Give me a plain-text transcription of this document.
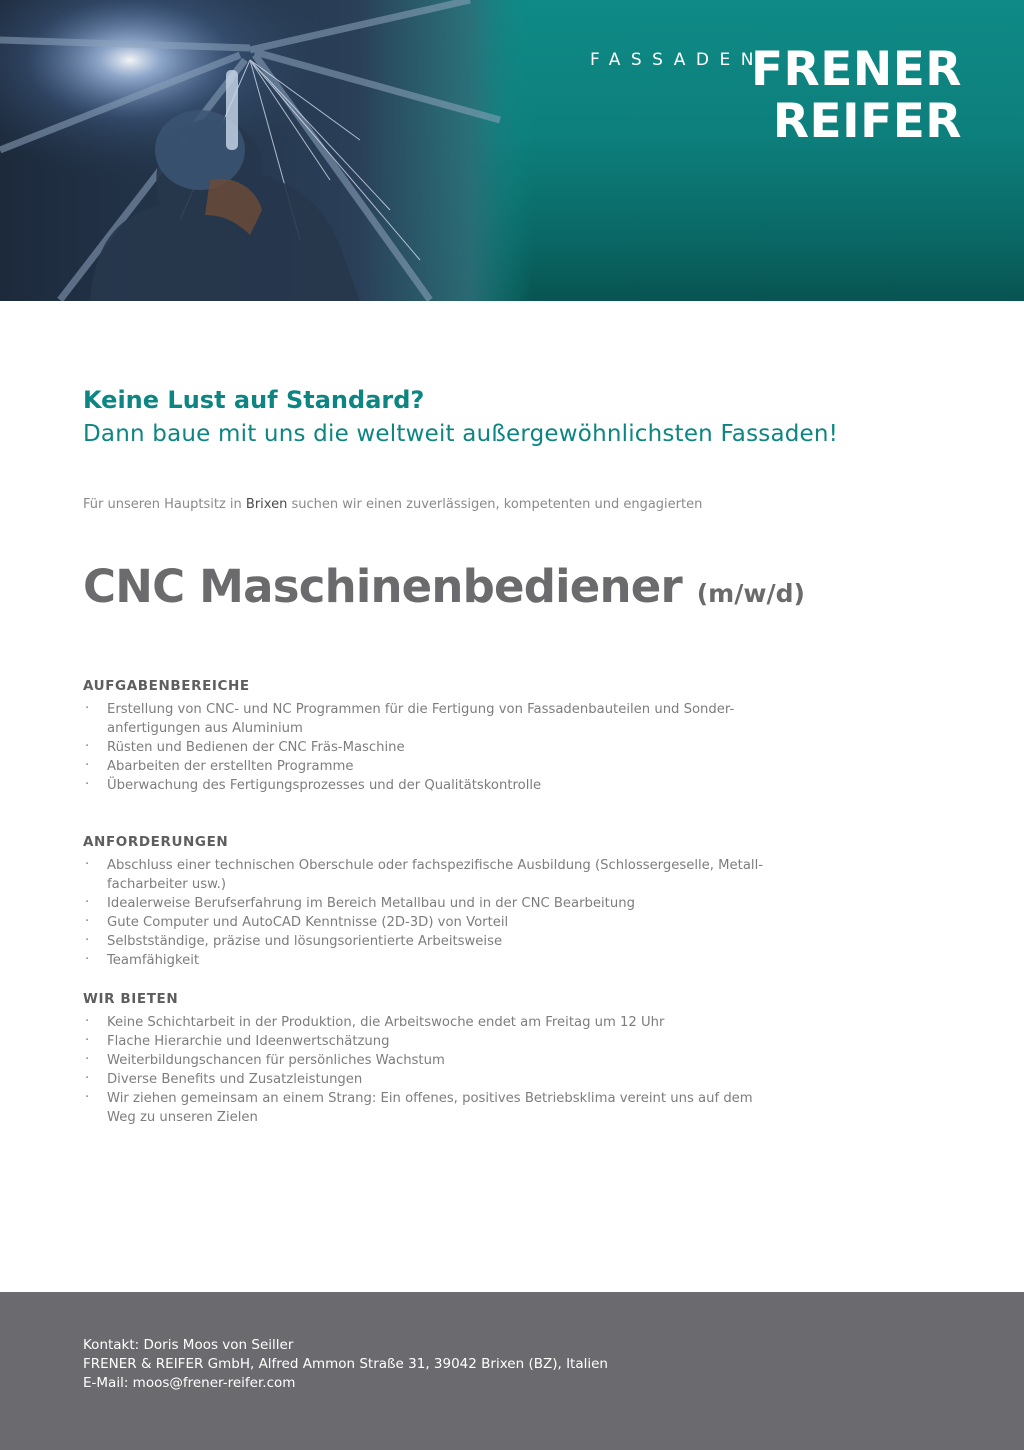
FASSADEN
FRENER
REIFER
Keine Lust auf Standard?
Dann baue mit uns die weltweit außergewöhnlichsten Fassaden!
Für unseren Hauptsitz in Brixen suchen wir einen zuverlässigen, kompetenten und engagierten
CNC Maschinenbediener (m/w/d)
AUFGABENBEREICHE
· Erstellung von CNC- und NC Programmen für die Fertigung von Fassadenbauteilen und Sonder-anfertigungen aus Aluminium
· Rüsten und Bedienen der CNC Fräs-Maschine
· Abarbeiten der erstellten Programme
· Überwachung des Fertigungsprozesses und der Qualitätskontrolle
ANFORDERUNGEN
· Abschluss einer technischen Oberschule oder fachspezifische Ausbildung (Schlossergeselle, Metall-facharbeiter usw.)
· Idealerweise Berufserfahrung im Bereich Metallbau und in der CNC Bearbeitung
· Gute Computer und AutoCAD Kenntnisse (2D-3D) von Vorteil
· Selbstständige, präzise und lösungsorientierte Arbeitsweise
· Teamfähigkeit
WIR BIETEN
· Keine Schichtarbeit in der Produktion, die Arbeitswoche endet am Freitag um 12 Uhr
· Flache Hierarchie und Ideenwertschätzung
· Weiterbildungschancen für persönliches Wachstum
· Diverse Benefits und Zusatzleistungen
· Wir ziehen gemeinsam an einem Strang: Ein offenes, positives Betriebsklima vereint uns auf dem Weg zu unseren Zielen
Kontakt: Doris Moos von Seiller
FRENER & REIFER GmbH, Alfred Ammon Straße 31, 39042 Brixen (BZ), Italien
E-Mail: moos@frener-reifer.com
